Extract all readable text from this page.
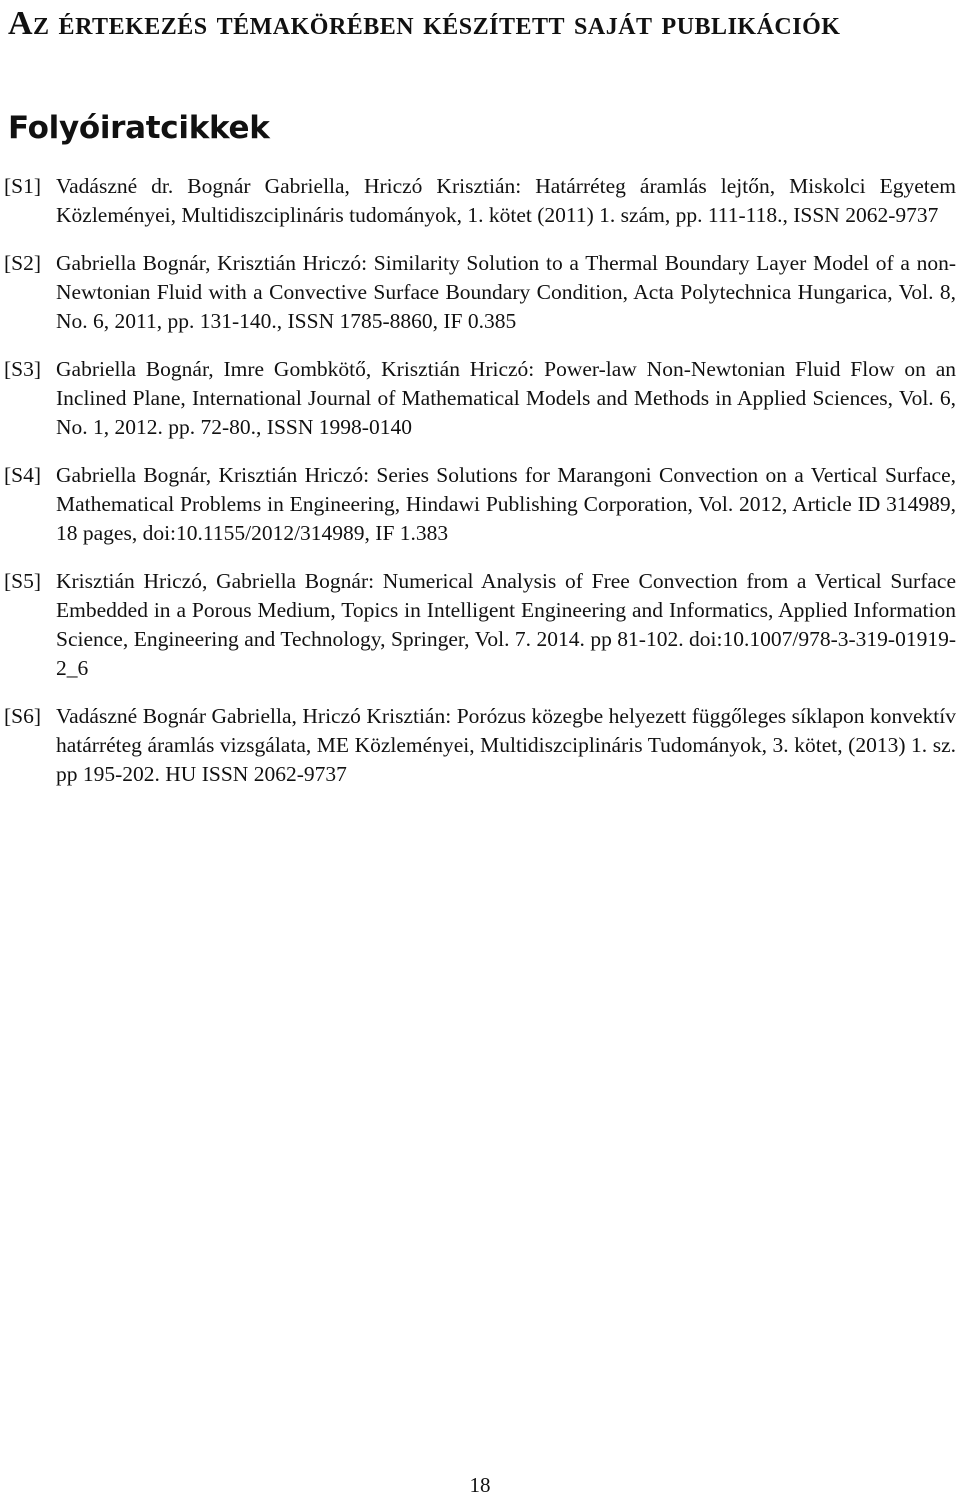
Az értekezés témakörében készített saját publikációk
Folyóiratcikkek
[S1] Vadászné dr. Bognár Gabriella, Hriczó Krisztián: Határréteg áramlás lejtőn, Miskolci Egyetem Közleményei, Multidiszciplináris tudományok, 1. kötet (2011) 1. szám, pp. 111-118., ISSN 2062-9737
[S2] Gabriella Bognár, Krisztián Hriczó: Similarity Solution to a Thermal Boundary Layer Model of a non-Newtonian Fluid with a Convective Surface Boundary Condition, Acta Polytechnica Hungarica, Vol. 8, No. 6, 2011, pp. 131-140., ISSN 1785-8860, IF 0.385
[S3] Gabriella Bognár, Imre Gombkötő, Krisztián Hriczó: Power-law Non-Newtonian Fluid Flow on an Inclined Plane, International Journal of Mathematical Models and Methods in Applied Sciences, Vol. 6, No. 1, 2012. pp. 72-80., ISSN 1998-0140
[S4] Gabriella Bognár, Krisztián Hriczó: Series Solutions for Marangoni Convection on a Vertical Surface, Mathematical Problems in Engineering, Hindawi Publishing Corporation, Vol. 2012, Article ID 314989, 18 pages, doi:10.1155/2012/314989, IF 1.383
[S5] Krisztián Hriczó, Gabriella Bognár: Numerical Analysis of Free Convection from a Vertical Surface Embedded in a Porous Medium, Topics in Intelligent Engineering and Informatics, Applied Information Science, Engineering and Technology, Springer, Vol. 7. 2014. pp 81-102. doi:10.1007/978-3-319-01919-2_6
[S6] Vadászné Bognár Gabriella, Hriczó Krisztián: Porózus közegbe helyezett függőleges síklapon konvektív határréteg áramlás vizsgálata, ME Közleményei, Multidiszciplináris Tudományok, 3. kötet, (2013) 1. sz. pp 195-202. HU ISSN 2062-9737
18
